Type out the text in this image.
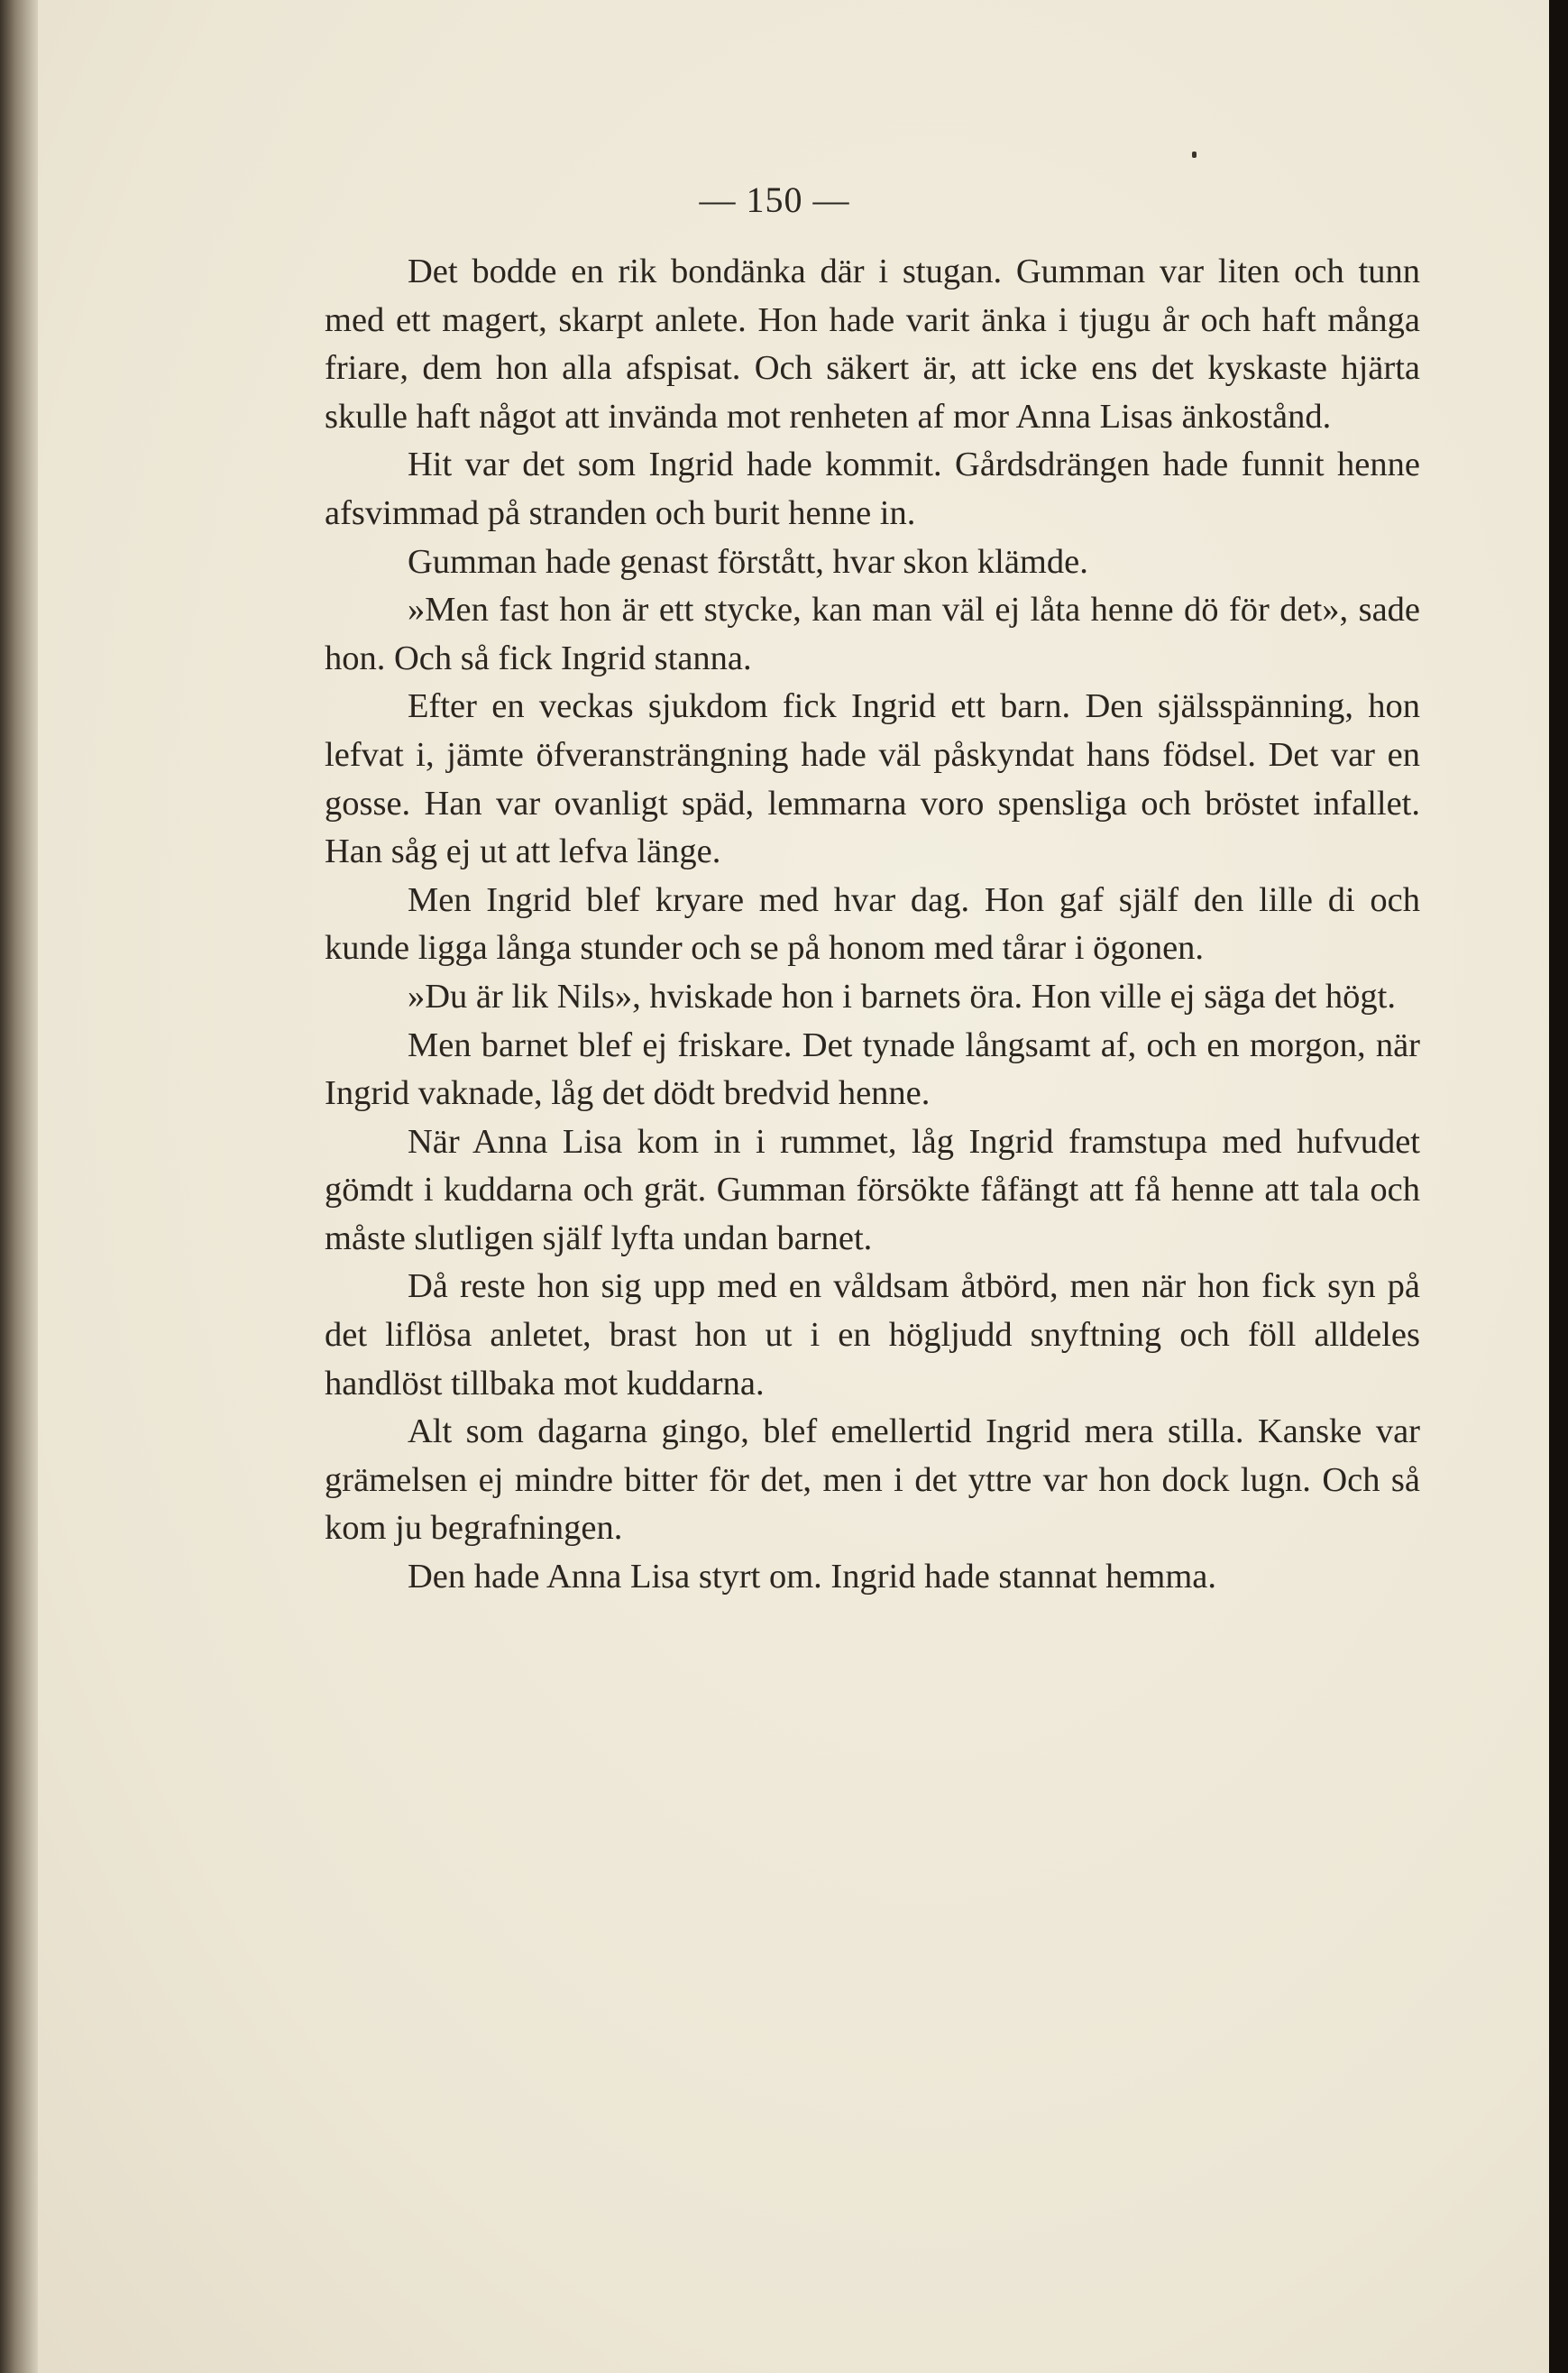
— 150 —

Det bodde en rik bondänka där i stugan. Gumman var liten och tunn med ett magert, skarpt anlete. Hon hade varit änka i tjugu år och haft många friare, dem hon alla afspisat. Och säkert är, att icke ens det kyskaste hjärta skulle haft något att invända mot renheten af mor Anna Lisas änkostånd.

Hit var det som Ingrid hade kommit. Gårdsdrängen hade funnit henne afsvimmad på stranden och burit henne in.

Gumman hade genast förstått, hvar skon klämde.

»Men fast hon är ett stycke, kan man väl ej låta henne dö för det», sade hon. Och så fick Ingrid stanna.

Efter en veckas sjukdom fick Ingrid ett barn. Den själsspänning, hon lefvat i, jämte öfveransträngning hade väl påskyndat hans födsel. Det var en gosse. Han var ovanligt späd, lemmarna voro spensliga och bröstet infallet. Han såg ej ut att lefva länge.

Men Ingrid blef kryare med hvar dag. Hon gaf själf den lille di och kunde ligga långa stunder och se på honom med tårar i ögonen.

»Du är lik Nils», hviskade hon i barnets öra. Hon ville ej säga det högt.

Men barnet blef ej friskare. Det tynade långsamt af, och en morgon, när Ingrid vaknade, låg det dödt bredvid henne.

När Anna Lisa kom in i rummet, låg Ingrid framstupa med hufvudet gömdt i kuddarna och grät. Gumman försökte fåfängt att få henne att tala och måste slutligen själf lyfta undan barnet.

Då reste hon sig upp med en våldsam åtbörd, men när hon fick syn på det liflösa anletet, brast hon ut i en högljudd snyftning och föll alldeles handlöst tillbaka mot kuddarna.

Alt som dagarna gingo, blef emellertid Ingrid mera stilla. Kanske var grämelsen ej mindre bitter för det, men i det yttre var hon dock lugn. Och så kom ju begrafningen.

Den hade Anna Lisa styrt om. Ingrid hade stannat hemma.
